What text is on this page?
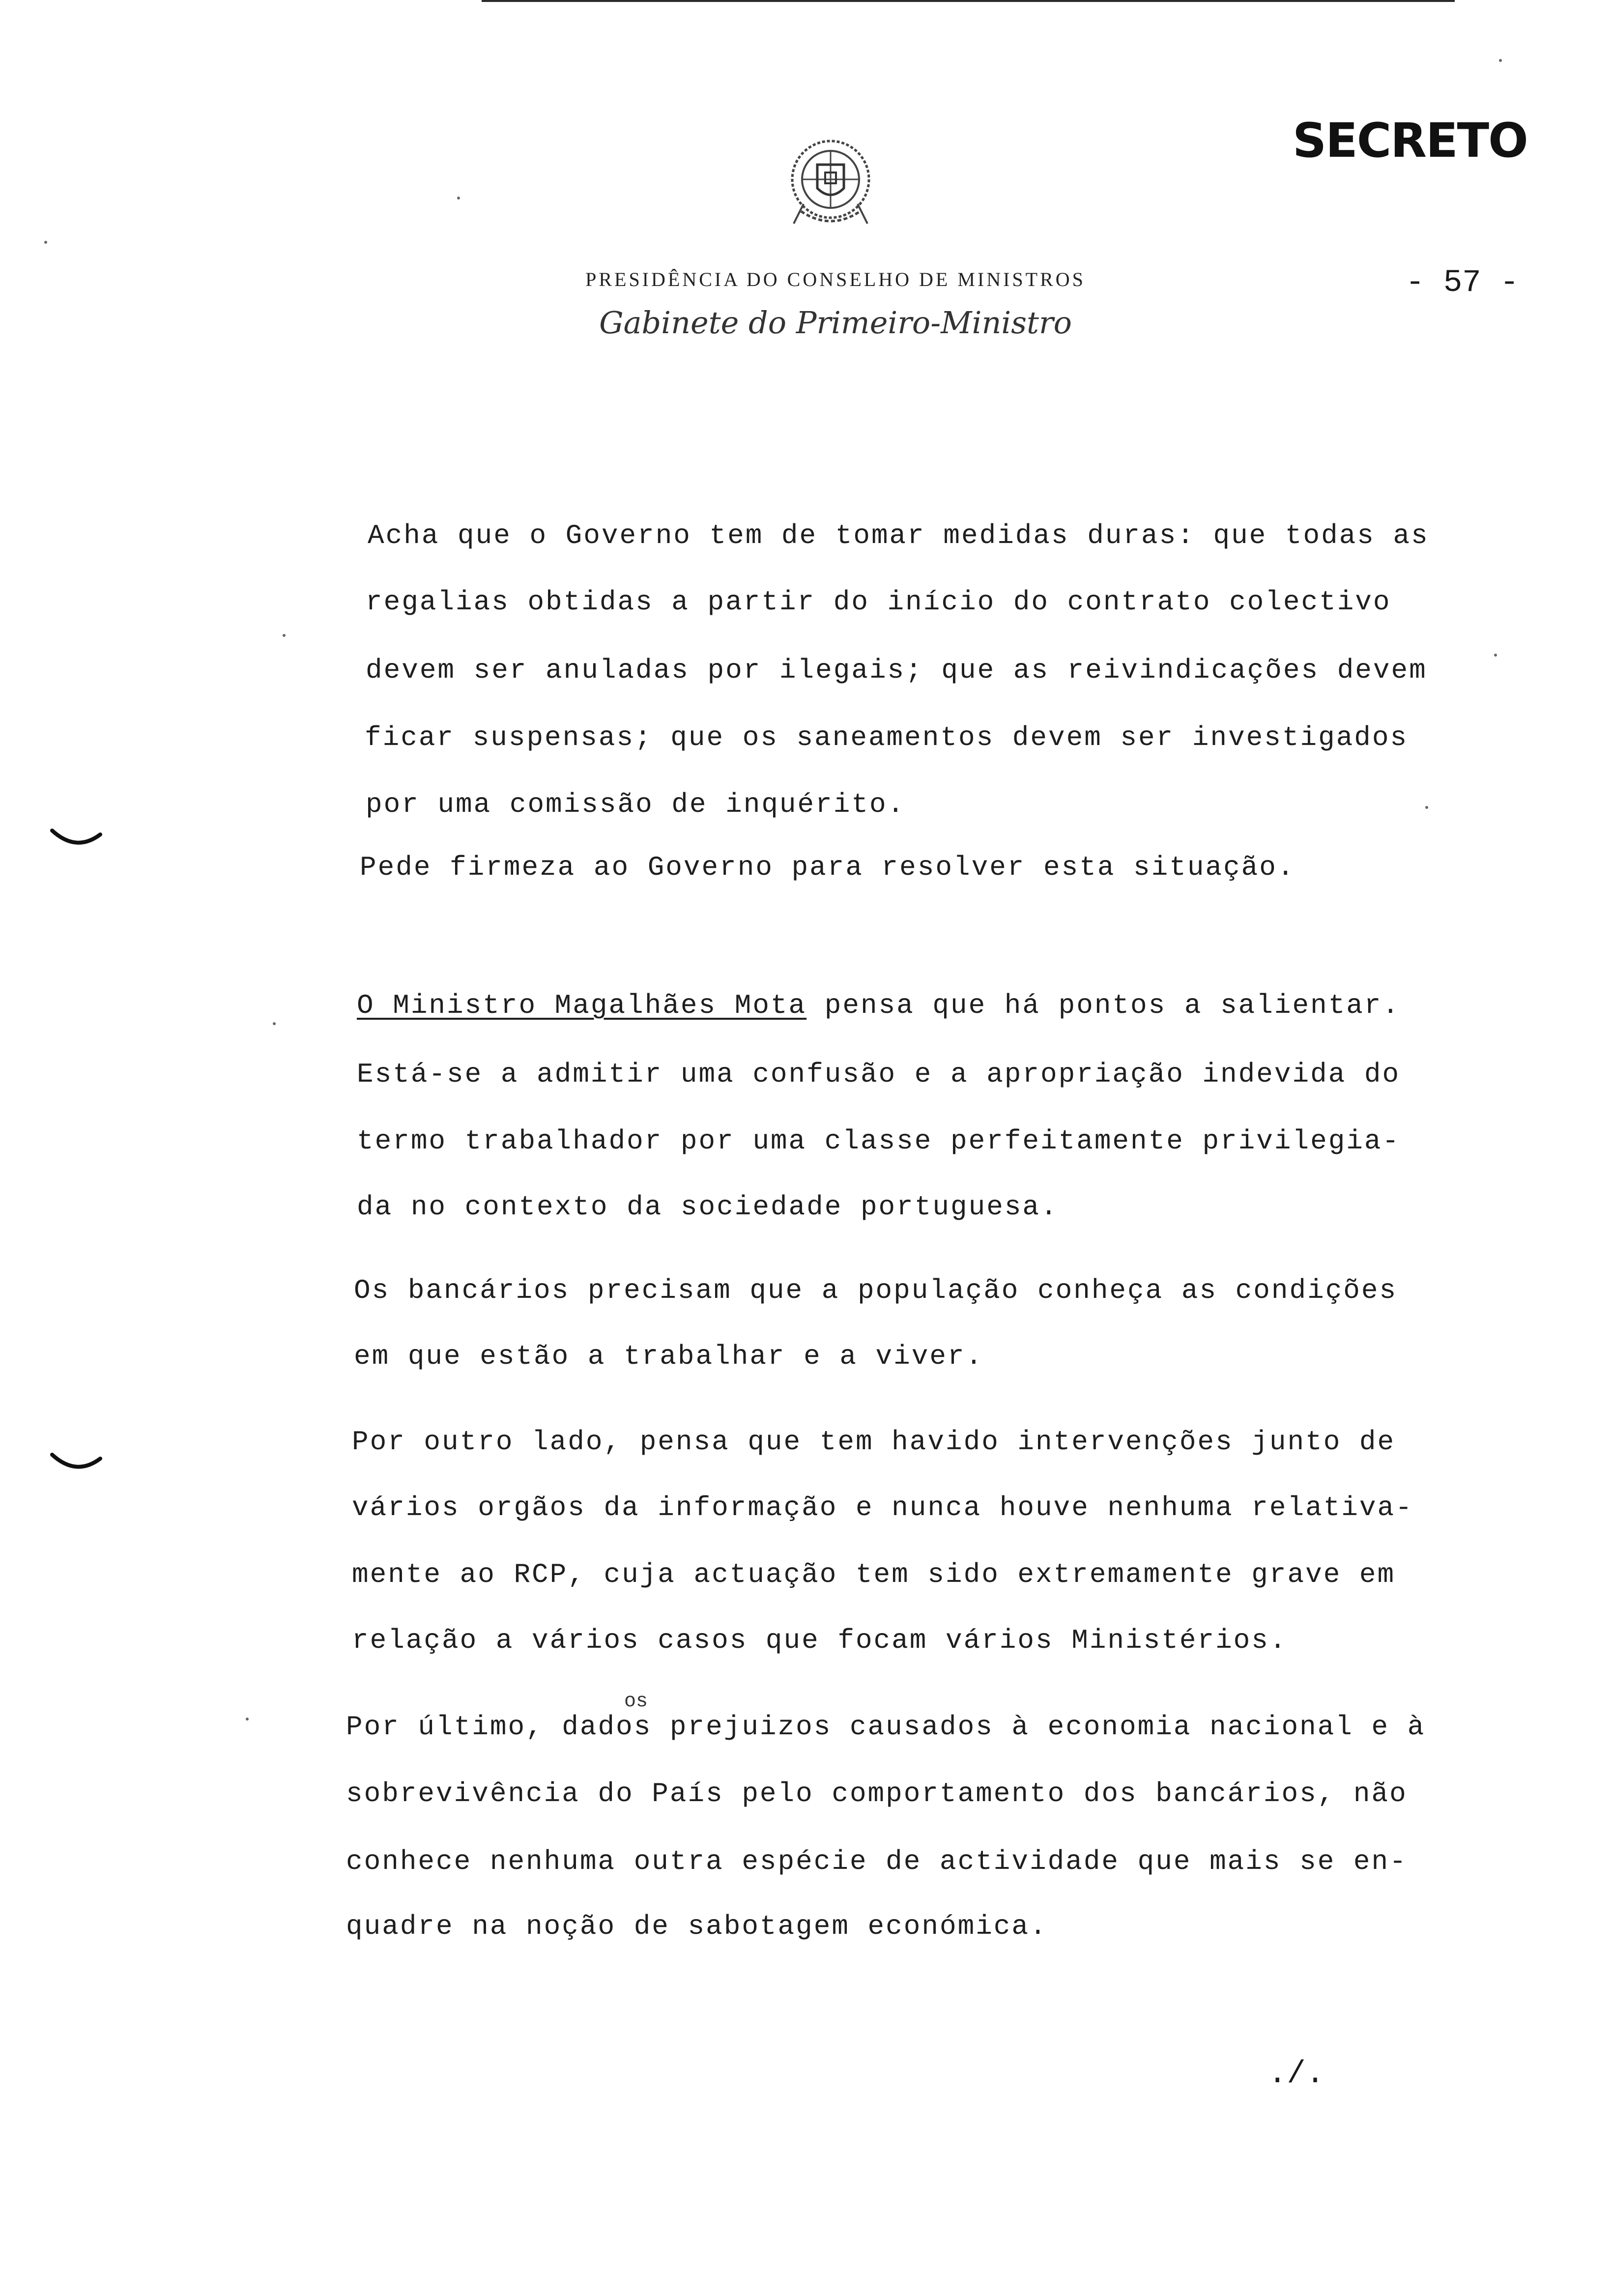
SECRETO
- 57 -
PRESIDÊNCIA DO CONSELHO DE MINISTROS
Gabinete do Primeiro-Ministro
Acha que o Governo tem de tomar medidas duras: que todas as
regalias obtidas a partir do início do contrato colectivo
devem ser anuladas por ilegais; que as reivindicações devem
ficar suspensas; que os saneamentos devem ser investigados
por uma comissão de inquérito.
Pede firmeza ao Governo para resolver esta situação.
O Ministro Magalhães Mota pensa que há pontos a salientar.
Está-se a admitir uma confusão e a apropriação indevida do
termo trabalhador por uma classe perfeitamente privilegia-
da no contexto da sociedade portuguesa.
Os bancários precisam que a população conheça as condições
em que estão a trabalhar e a viver.
Por outro lado, pensa que tem havido intervenções junto de
vários orgãos da informação e nunca houve nenhuma relativa-
mente ao RCP, cuja actuação tem sido extremamente grave em
relação a vários casos que focam vários Ministérios.
os
Por último, dados prejuizos causados à economia nacional e à
sobrevivência do País pelo comportamento dos bancários, não
conhece nenhuma outra espécie de actividade que mais se en-
quadre na noção de sabotagem económica.
./.
